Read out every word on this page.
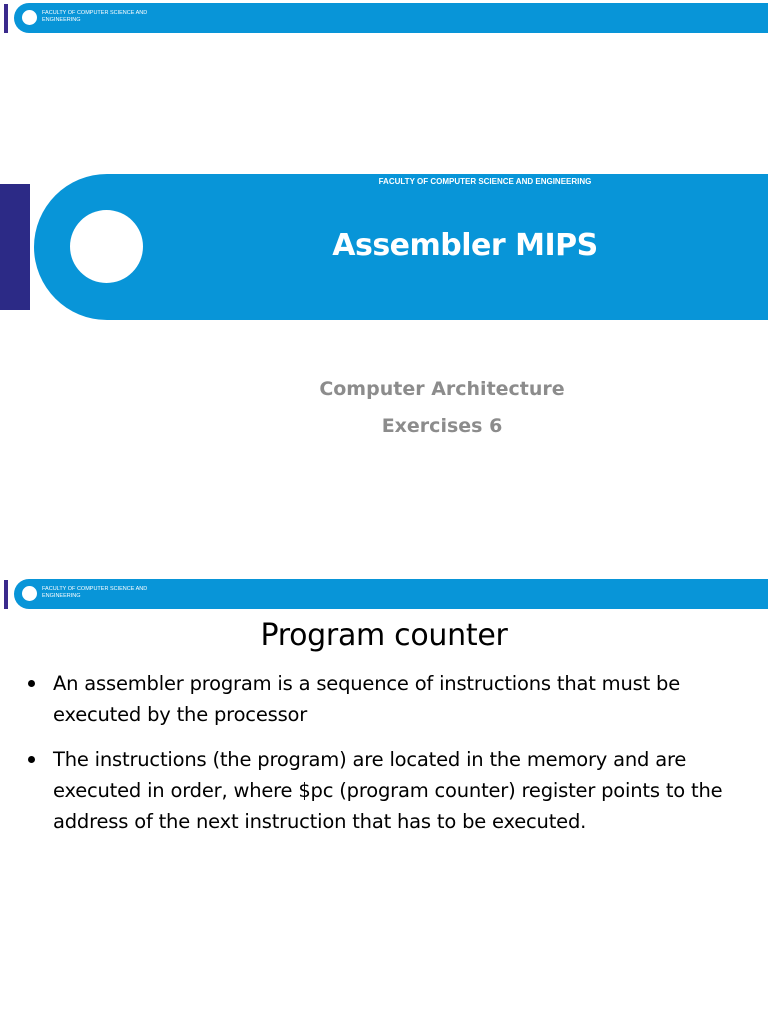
FACULTY OF COMPUTER SCIENCE AND ENGINEERING
FACULTY OF COMPUTER SCIENCE AND ENGINEERING
Assembler MIPS
Computer Architecture
Exercises 6
FACULTY OF COMPUTER SCIENCE AND ENGINEERING
Program counter
An assembler program is a sequence of instructions that must be executed by the processor
The instructions (the program) are located in the memory and are executed in order, where $pc (program counter) register points to the address of the next instruction that has to be executed.
